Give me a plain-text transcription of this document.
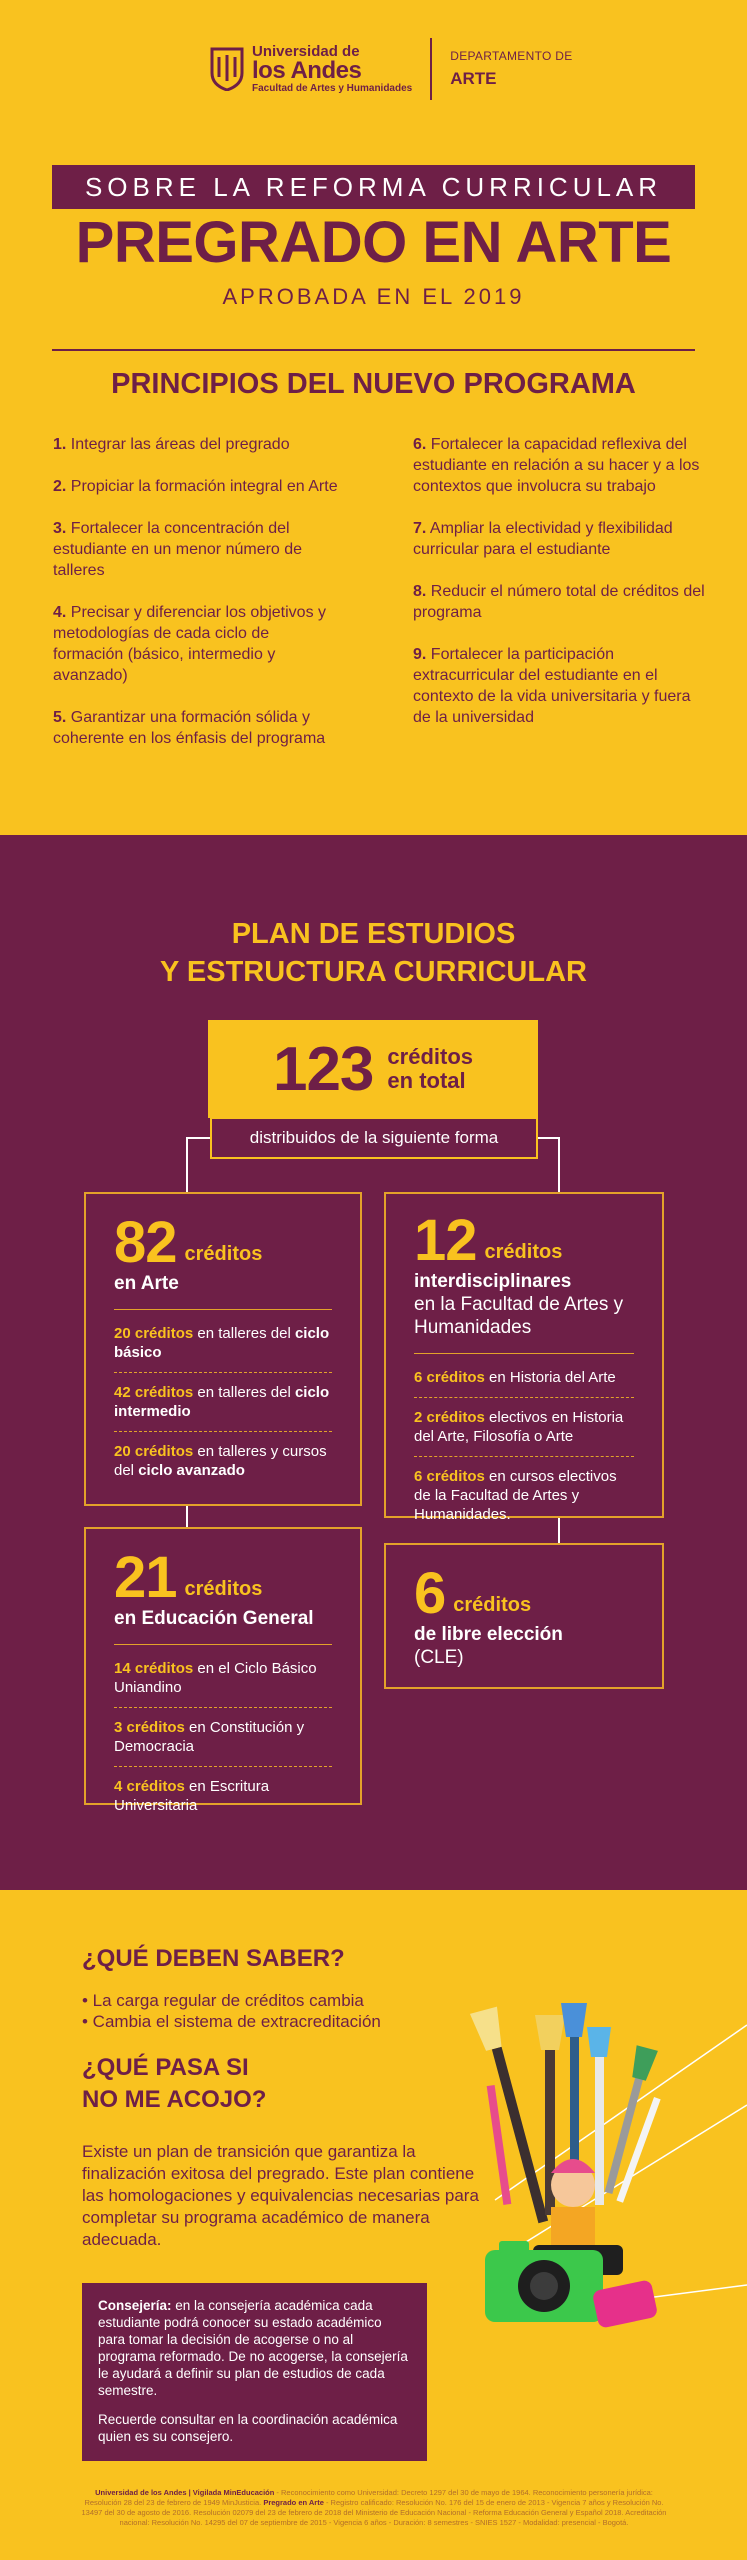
Universidad de
los Andes
Facultad de Artes y Humanidades
DEPARTAMENTO DE
ARTE
SOBRE LA REFORMA CURRICULAR
PREGRADO EN ARTE
APROBADA EN EL 2019
PRINCIPIOS DEL NUEVO PROGRAMA
1. Integrar las áreas del pregrado
2. Propiciar la formación integral en Arte
3. Fortalecer la concentración del estudiante en un menor número de talleres
4. Precisar y diferenciar los objetivos y metodologías de cada ciclo de formación (básico, intermedio y avanzado)
5. Garantizar una formación sólida y coherente en los énfasis del programa
6. Fortalecer la capacidad reflexiva del estudiante en relación a su hacer y a los contextos que involucra su trabajo
7. Ampliar la electividad y flexibilidad curricular para el estudiante
8. Reducir el número total de créditos del programa
9. Fortalecer la participación extracurricular del estudiante en el contexto de la vida universitaria y fuera de la universidad
PLAN DE ESTUDIOS
Y ESTRUCTURA CURRICULAR
123 créditos
en total
distribuidos de la siguiente forma
82 créditos
en Arte
20 créditos en talleres del ciclo básico
42 créditos en talleres del ciclo intermedio
20 créditos en talleres y cursos del ciclo avanzado
12 créditos
interdisciplinares
en la Facultad de Artes y Humanidades
6 créditos en Historia del Arte
2 créditos electivos en Historia del Arte, Filosofía o Arte
6 créditos en cursos electivos de la Facultad de Artes y Humanidades.
21 créditos
en Educación General
14 créditos en el Ciclo Básico Uniandino
3 créditos en Constitución y Democracia
4 créditos en Escritura Universitaria
6 créditos
de libre elección
(CLE)
¿QUÉ DEBEN SABER?
• La carga regular de créditos cambia
• Cambia el sistema de extracreditación
¿QUÉ PASA SI
NO ME ACOJO?
Existe un plan de transición que garantiza la finalización exitosa del pregrado. Este plan contiene las homologaciones y equivalencias necesarias para completar su programa académico de manera adecuada.

Consejería: en la consejería académica cada estudiante podrá conocer su estado académico para tomar la decisión de acogerse o no al programa reformado. De no acogerse, la consejería le ayudará a definir su plan de estudios de cada semestre.

Recuerde consultar en la coordinación académica quien es su consejero.

Universidad de los Andes | Vigilada MinEducación - Reconocimiento como Universidad: Decreto 1297 del 30 de mayo de 1964. Reconocimiento personería jurídica: Resolución 28 del 23 de febrero de 1949 MinJusticia. Pregrado en Arte - Registro calificado: Resolución No. 176 del 15 de enero de 2013 - Vigencia 7 años y Resolución No. 13497 del 30 de agosto de 2016. Resolución 02079 del 23 de febrero de 2018 del Ministerio de Educación Nacional - Reforma Educación General y Español 2018. Acreditación nacional: Resolución No. 14295 del 07 de septiembre de 2015 - Vigencia 6 años - Duración: 8 semestres - SNIES 1527 - Modalidad: presencial - Bogotá.
